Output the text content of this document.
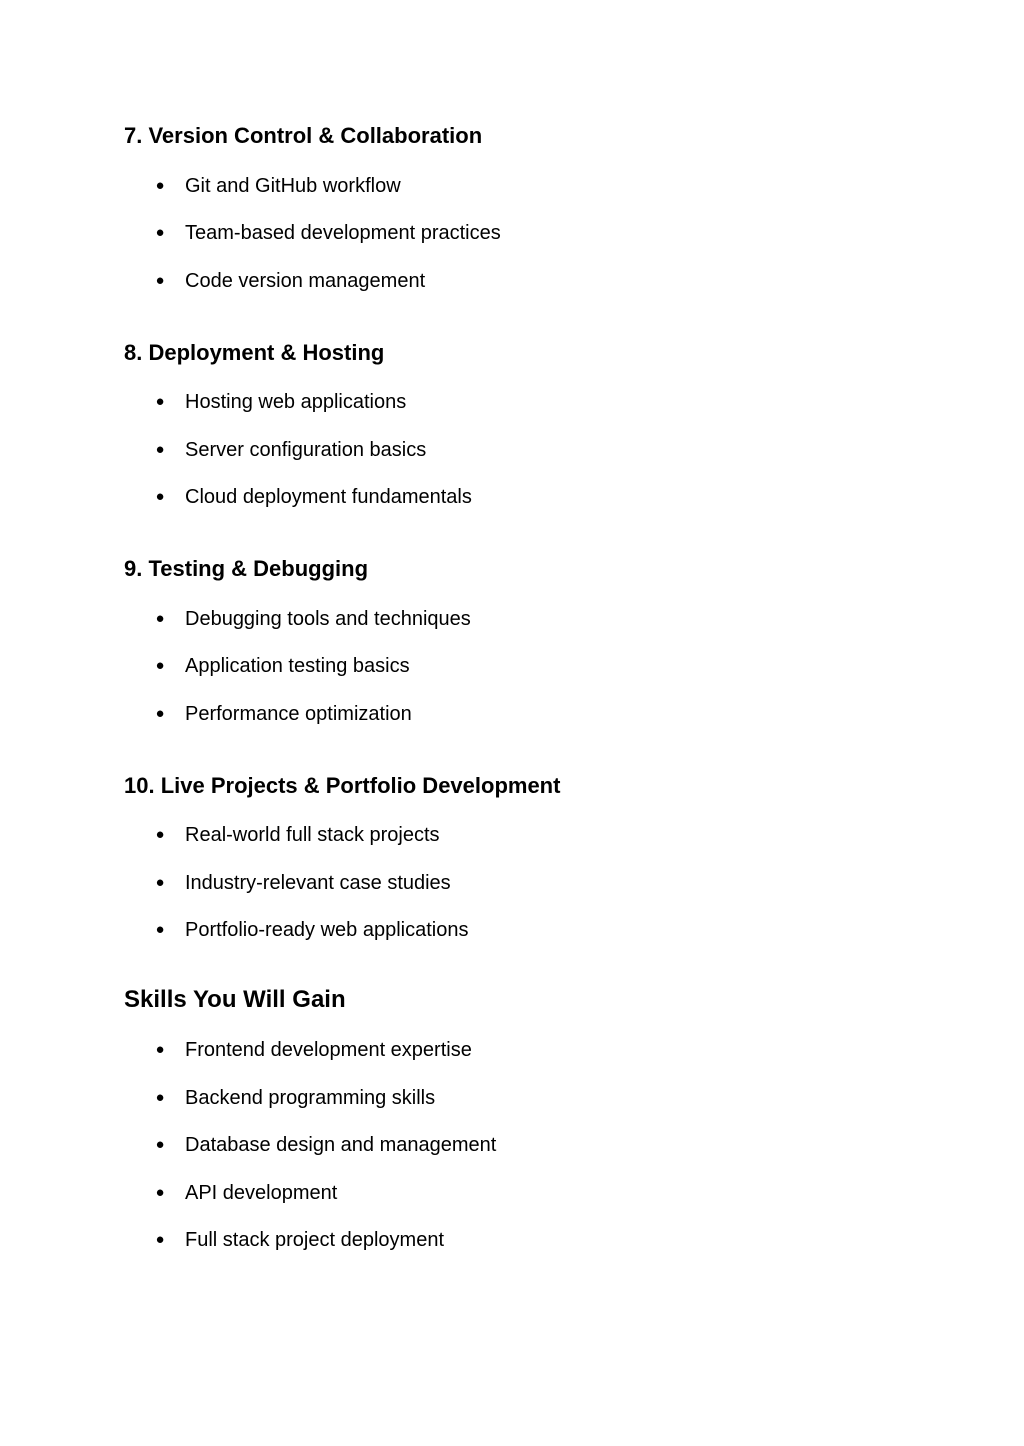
7. Version Control & Collaboration
● Git and GitHub workflow
● Team-based development practices
● Code version management
8. Deployment & Hosting
● Hosting web applications
● Server configuration basics
● Cloud deployment fundamentals
9. Testing & Debugging
● Debugging tools and techniques
● Application testing basics
● Performance optimization
10. Live Projects & Portfolio Development
● Real-world full stack projects
● Industry-relevant case studies
● Portfolio-ready web applications
Skills You Will Gain
● Frontend development expertise
● Backend programming skills
● Database design and management
● API development
● Full stack project deployment
